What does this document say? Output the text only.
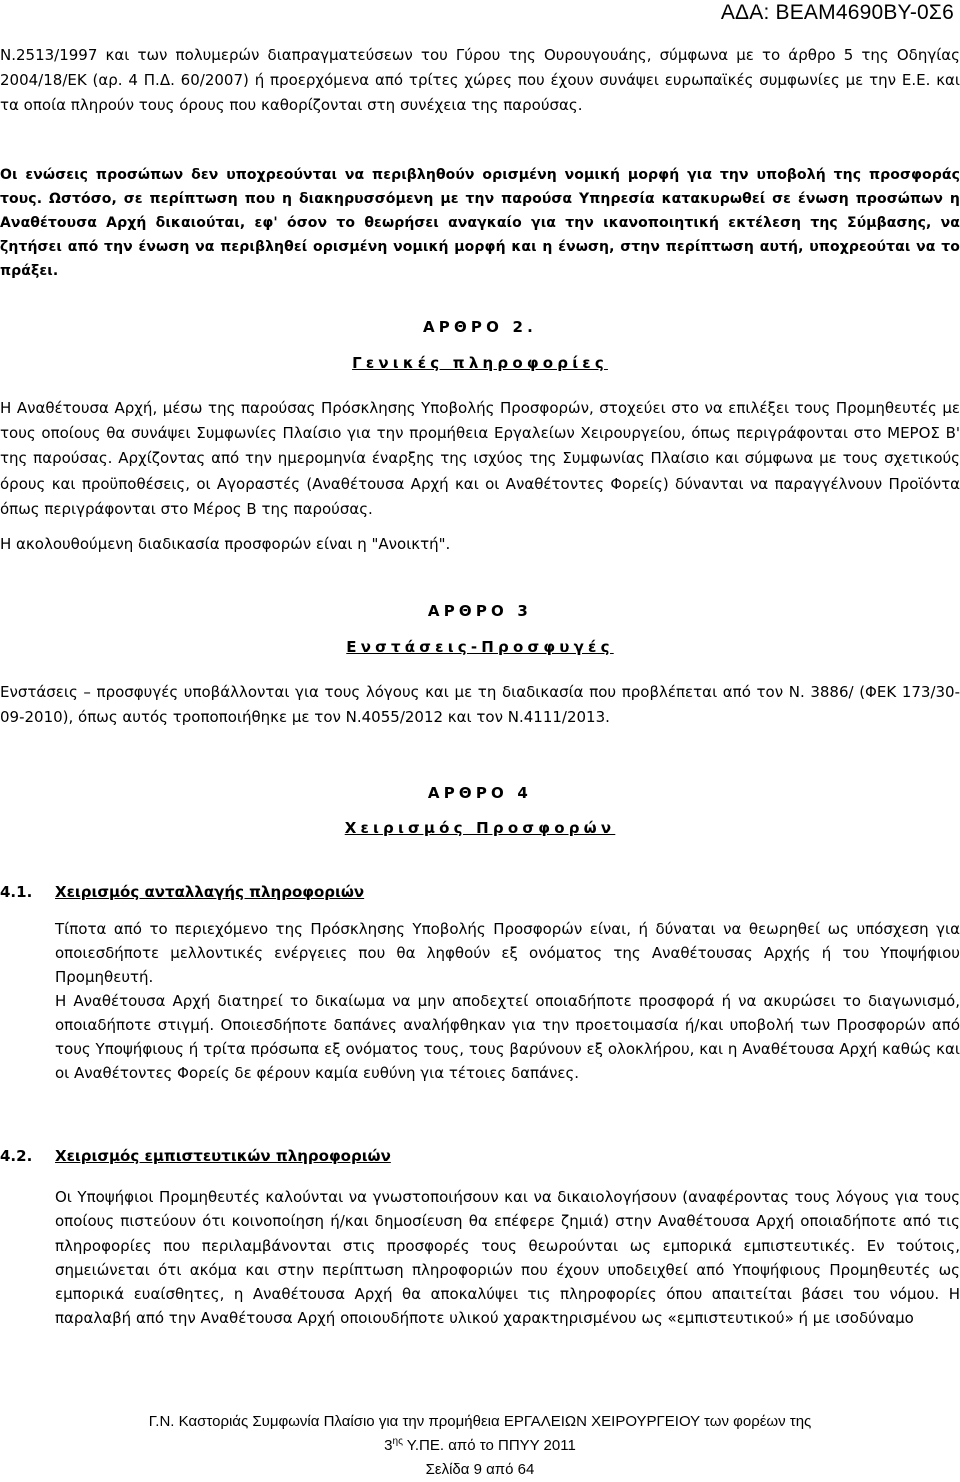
ΑΔΑ: ΒΕΑΜ4690ΒΥ-0Σ6

Ν.2513/1997 και των πολυμερών διαπραγματεύσεων του Γύρου της Ουρουγουάης, σύμφωνα με το άρθρο 5 της Οδηγίας 2004/18/ΕΚ (αρ. 4 Π.Δ. 60/2007) ή προερχόμενα από τρίτες χώρες που έχουν συνάψει ευρωπαϊκές συμφωνίες με την Ε.Ε. και τα οποία πληρούν τους όρους που καθορίζονται στη συνέχεια της παρούσας.

Οι ενώσεις προσώπων δεν υποχρεούνται να περιβληθούν ορισμένη νομική μορφή για την υποβολή της προσφοράς τους. Ωστόσο, σε περίπτωση που η διακηρυσσόμενη με την παρούσα Υπηρεσία κατακυρωθεί σε ένωση προσώπων η Αναθέτουσα Αρχή δικαιούται, εφ' όσον το θεωρήσει αναγκαίο για την ικανοποιητική εκτέλεση της Σύμβασης, να ζητήσει από την ένωση να περιβληθεί ορισμένη νομική μορφή και η ένωση, στην περίπτωση αυτή, υποχρεούται να το πράξει.

ΑΡΘΡΟ 2.
Γενικές πληροφορίες

Η Αναθέτουσα Αρχή, μέσω της παρούσας Πρόσκλησης Υποβολής Προσφορών, στοχεύει στο να επιλέξει τους Προμηθευτές με τους οποίους θα συνάψει Συμφωνίες Πλαίσιο για την προμήθεια Εργαλείων Χειρουργείου, όπως περιγράφονται στο ΜΕΡΟΣ Β' της παρούσας. Αρχίζοντας από την ημερομηνία έναρξης της ισχύος της Συμφωνίας Πλαίσιο και σύμφωνα με τους σχετικούς όρους και προϋποθέσεις, οι Αγοραστές (Αναθέτουσα Αρχή και οι Αναθέτοντες Φορείς) δύνανται να παραγγέλνουν Προϊόντα όπως περιγράφονται στο Μέρος Β της παρούσας.

Η ακολουθούμενη διαδικασία προσφορών είναι η "Ανοικτή".

ΑΡΘΡΟ 3
Ενστάσεις-Προσφυγές

Ενστάσεις – προσφυγές υποβάλλονται για τους λόγους και με τη διαδικασία που προβλέπεται από τον Ν. 3886/ (ΦΕΚ 173/30-09-2010), όπως αυτός τροποποιήθηκε με τον Ν.4055/2012 και τον Ν.4111/2013.

ΑΡΘΡΟ 4
Χειρισμός Προσφορών
4.1. Χειρισμός ανταλλαγής πληροφοριών

Τίποτα από το περιεχόμενο της Πρόσκλησης Υποβολής Προσφορών είναι, ή δύναται να θεωρηθεί ως υπόσχεση για οποιεσδήποτε μελλοντικές ενέργειες που θα ληφθούν εξ ονόματος της Αναθέτουσας Αρχής ή του Υποψήφιου Προμηθευτή.

Η Αναθέτουσα Αρχή διατηρεί το δικαίωμα να μην αποδεχτεί οποιαδήποτε προσφορά ή να ακυρώσει το διαγωνισμό, οποιαδήποτε στιγμή. Οποιεσδήποτε δαπάνες αναλήφθηκαν για την προετοιμασία ή/και υποβολή των Προσφορών από τους Υποψήφιους ή τρίτα πρόσωπα εξ ονόματος τους, τους βαρύνουν εξ ολοκλήρου, και η Αναθέτουσα Αρχή καθώς και οι Αναθέτοντες Φορείς δε φέρουν καμία ευθύνη για τέτοιες δαπάνες.

4.2. Χειρισμός εμπιστευτικών πληροφοριών

Οι Υποψήφιοι Προμηθευτές καλούνται να γνωστοποιήσουν και να δικαιολογήσουν (αναφέροντας τους λόγους για τους οποίους πιστεύουν ότι κοινοποίηση ή/και δημοσίευση θα επέφερε ζημιά) στην Αναθέτουσα Αρχή οποιαδήποτε από τις πληροφορίες που περιλαμβάνονται στις προσφορές τους θεωρούνται ως εμπορικά εμπιστευτικές. Εν τούτοις, σημειώνεται ότι ακόμα και στην περίπτωση πληροφοριών που έχουν υποδειχθεί από Υποψήφιους Προμηθευτές ως εμπορικά ευαίσθητες, η Αναθέτουσα Αρχή θα αποκαλύψει τις πληροφορίες όπου απαιτείται βάσει του νόμου. Η παραλαβή από την Αναθέτουσα Αρχή οποιουδήποτε υλικού χαρακτηρισμένου ως «εμπιστευτικού» ή με ισοδύναμο

Γ.Ν. Καστοριάς Συμφωνία Πλαίσιο για την προμήθεια ΕΡΓΑΛΕΙΩΝ ΧΕΙΡΟΥΡΓΕΙΟΥ των φορέων της
$3^{\eta\varsigma}$ Υ.ΠΕ. από το ΠΠΥΥ 2011
Σελίδα 9 από 64
